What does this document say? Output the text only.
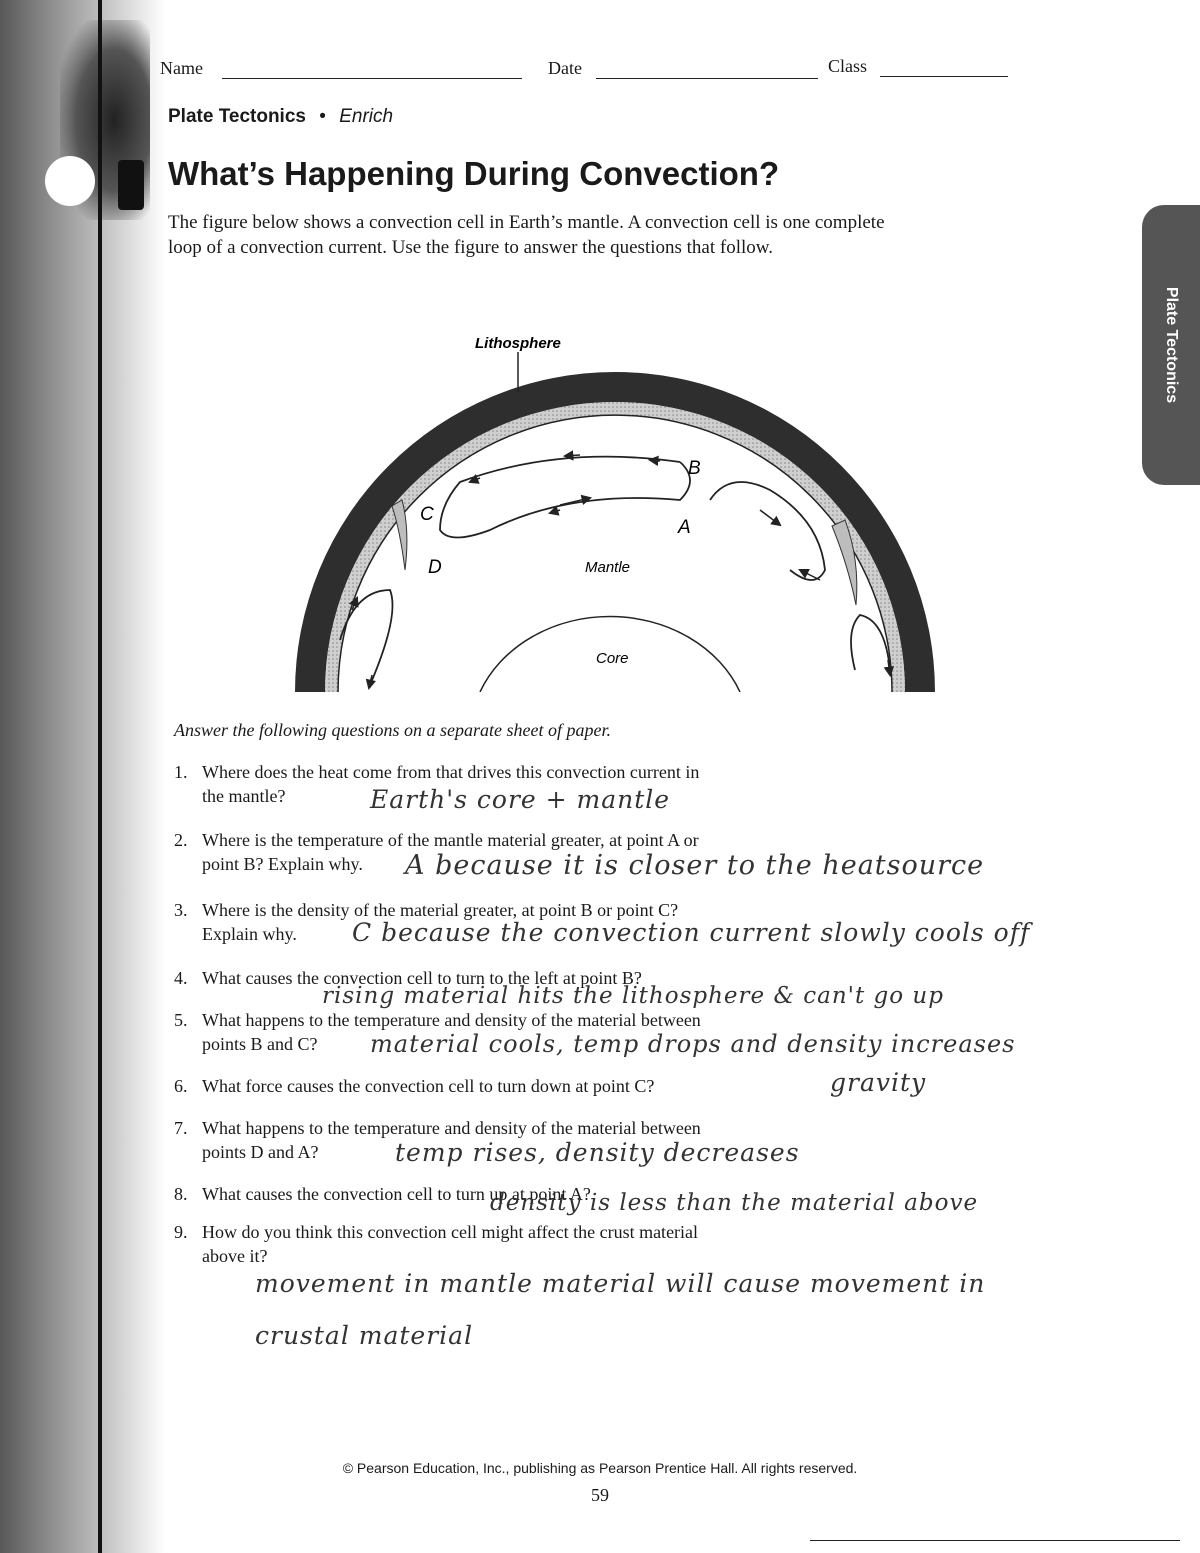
Name	Date	Class
Plate Tectonics • Enrich
What’s Happening During Convection?
The figure below shows a convection cell in Earth’s mantle. A convection cell is one complete loop of a convection current. Use the figure to answer the questions that follow.
Plate Tectonics
Lithosphere
Mantle
Core
A
B
C
D
Answer the following questions on a separate sheet of paper.
1. Where does the heat come from that drives this convection current in
the mantle?	Earth's core + mantle
2. Where is the temperature of the mantle material greater, at point A or
point B? Explain why.	A because it is closer to the heatsource
3. Where is the density of the material greater, at point B or point C?
Explain why.	C because the convection current slowly cools off
4. What causes the convection cell to turn to the left at point B?
rising material hits the lithosphere & can't go up
5. What happens to the temperature and density of the material between
points B and C?	material cools, temp drops and density increases
6. What force causes the convection cell to turn down at point C?	gravity
7. What happens to the temperature and density of the material between
points D and A?	temp rises, density decreases
8. What causes the convection cell to turn up at point A?
density is less than the material above
9. How do you think this convection cell might affect the crust material
above it?
movement in mantle material will cause movement in crustal material
© Pearson Education, Inc., publishing as Pearson Prentice Hall. All rights reserved.
59
